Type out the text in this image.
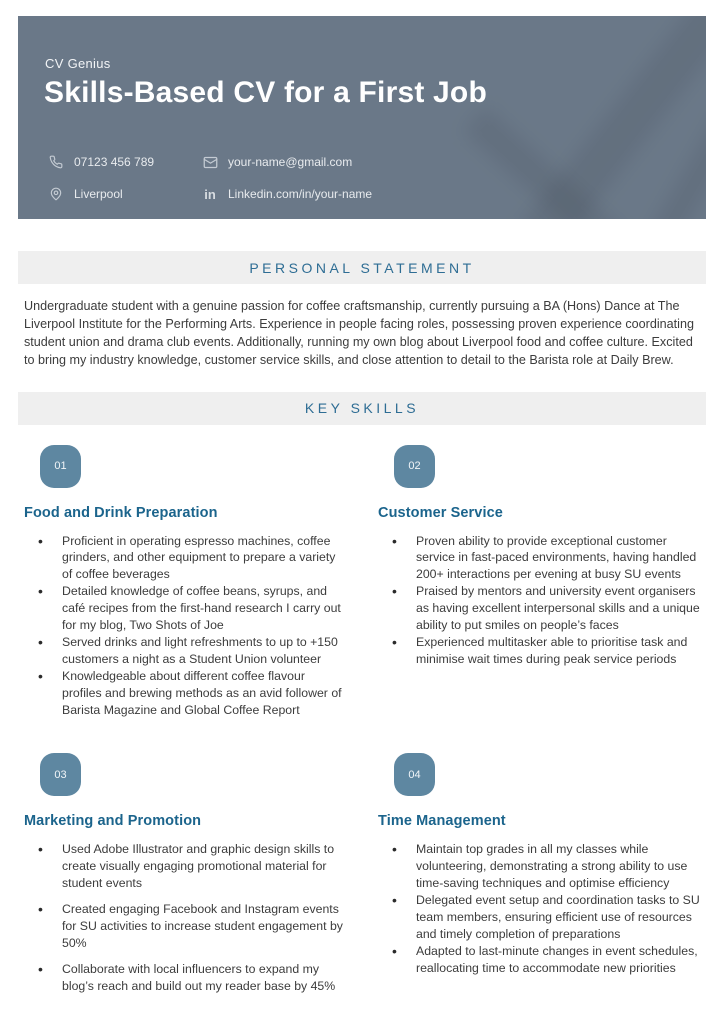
CV Genius
Skills-Based CV for a First Job
07123 456 789	your-name@gmail.com
Liverpool	in Linkedin.com/in/your-name
PERSONAL STATEMENT

Undergraduate student with a genuine passion for coffee craftsmanship, currently pursuing a BA (Hons) Dance at The Liverpool Institute for the Performing Arts. Experience in people facing roles, possessing proven experience coordinating student union and drama club events. Additionally, running my own blog about Liverpool food and coffee culture. Excited to bring my industry knowledge, customer service skills, and close attention to detail to the Barista role at Daily Brew.

KEY SKILLS
01
Food and Drink Preparation
• Proficient in operating espresso machines, coffee grinders, and other equipment to prepare a variety of coffee beverages
• Detailed knowledge of coffee beans, syrups, and café recipes from the first-hand research I carry out for my blog, Two Shots of Joe
• Served drinks and light refreshments to up to +150 customers a night as a Student Union volunteer
• Knowledgeable about different coffee flavour profiles and brewing methods as an avid follower of Barista Magazine and Global Coffee Report
02
Customer Service
• Proven ability to provide exceptional customer service in fast-paced environments, having handled 200+ interactions per evening at busy SU events
• Praised by mentors and university event organisers as having excellent interpersonal skills and a unique ability to put smiles on people’s faces
• Experienced multitasker able to prioritise task and minimise wait times during peak service periods
03
Marketing and Promotion
• Used Adobe Illustrator and graphic design skills to create visually engaging promotional material for student events
• Created engaging Facebook and Instagram events for SU activities to increase student engagement by 50%
• Collaborate with local influencers to expand my blog’s reach and build out my reader base by 45%
04
Time Management
• Maintain top grades in all my classes while volunteering, demonstrating a strong ability to use time-saving techniques and optimise efficiency
• Delegated event setup and coordination tasks to SU team members, ensuring efficient use of resources and timely completion of preparations
• Adapted to last-minute changes in event schedules, reallocating time to accommodate new priorities
